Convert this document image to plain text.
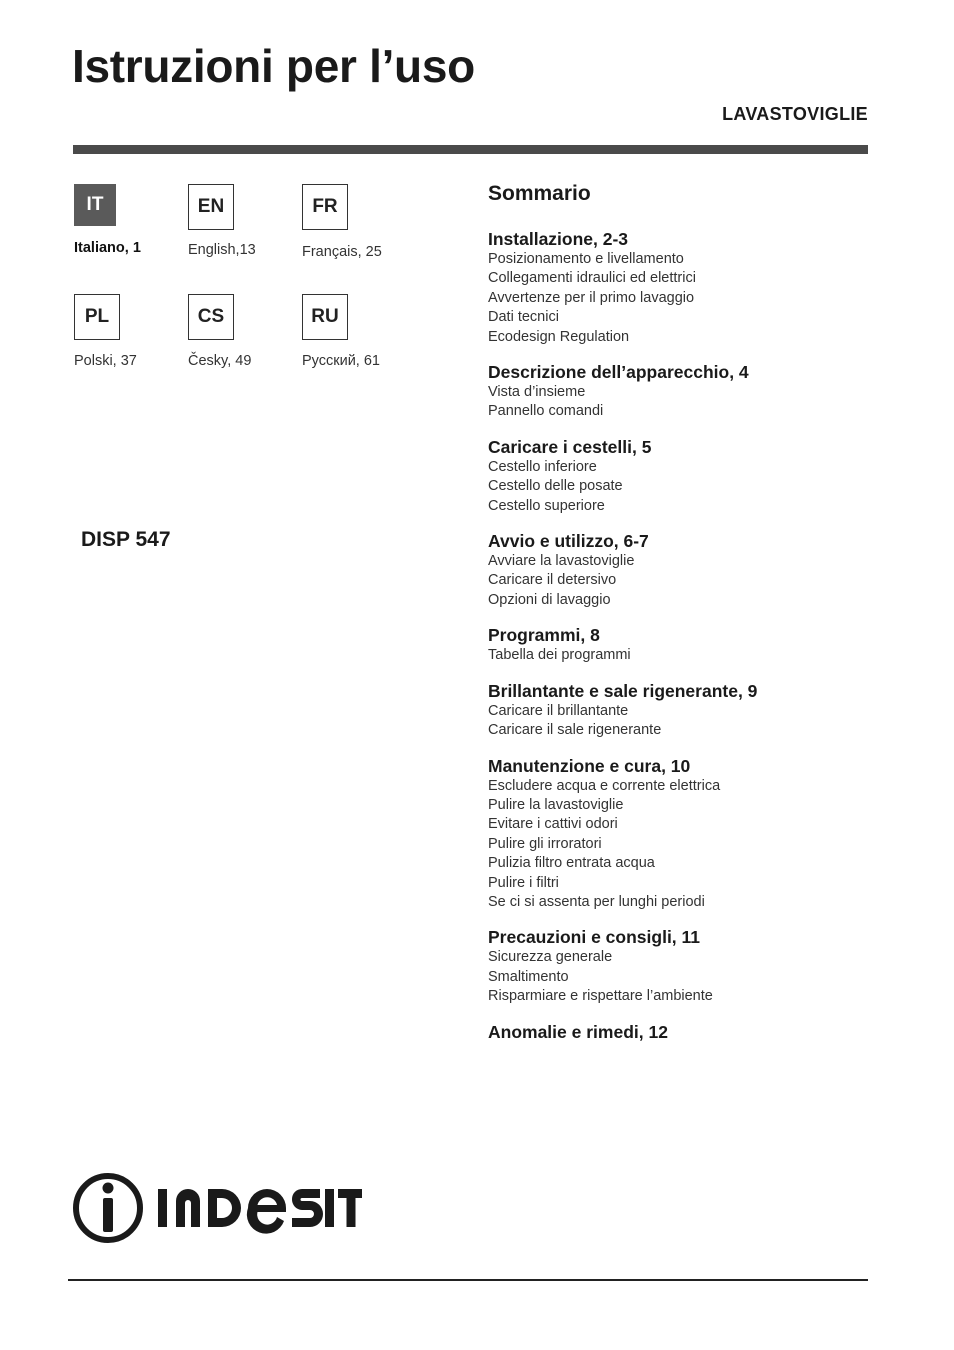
Istruzioni per l’uso
LAVASTOVIGLIE
IT
Italiano, 1
EN
English,13
FR
Français, 25
PL
Polski, 37
CS
Česky, 49
RU
Русский, 61
DISP 547
Sommario
Installazione, 2-3
Posizionamento e livellamento
Collegamenti idraulici ed elettrici
Avvertenze per il primo lavaggio
Dati tecnici
Ecodesign Regulation
Descrizione dell’apparecchio, 4
Vista d’insieme
Pannello comandi
Caricare i cestelli, 5
Cestello inferiore
Cestello delle posate
Cestello superiore
Avvio e utilizzo, 6-7
Avviare la lavastoviglie
Caricare il detersivo
Opzioni di lavaggio
Programmi, 8
Tabella dei programmi
Brillantante e sale rigenerante, 9
Caricare il brillantante
Caricare il sale rigenerante
Manutenzione e cura, 10
Escludere acqua e corrente elettrica
Pulire la lavastoviglie
Evitare i cattivi odori
Pulire gli irroratori
Pulizia filtro entrata acqua
Pulire i filtri
Se ci si assenta per lunghi periodi
Precauzioni e consigli, 11
Sicurezza generale
Smaltimento
Risparmiare e rispettare l’ambiente
Anomalie e rimedi, 12
